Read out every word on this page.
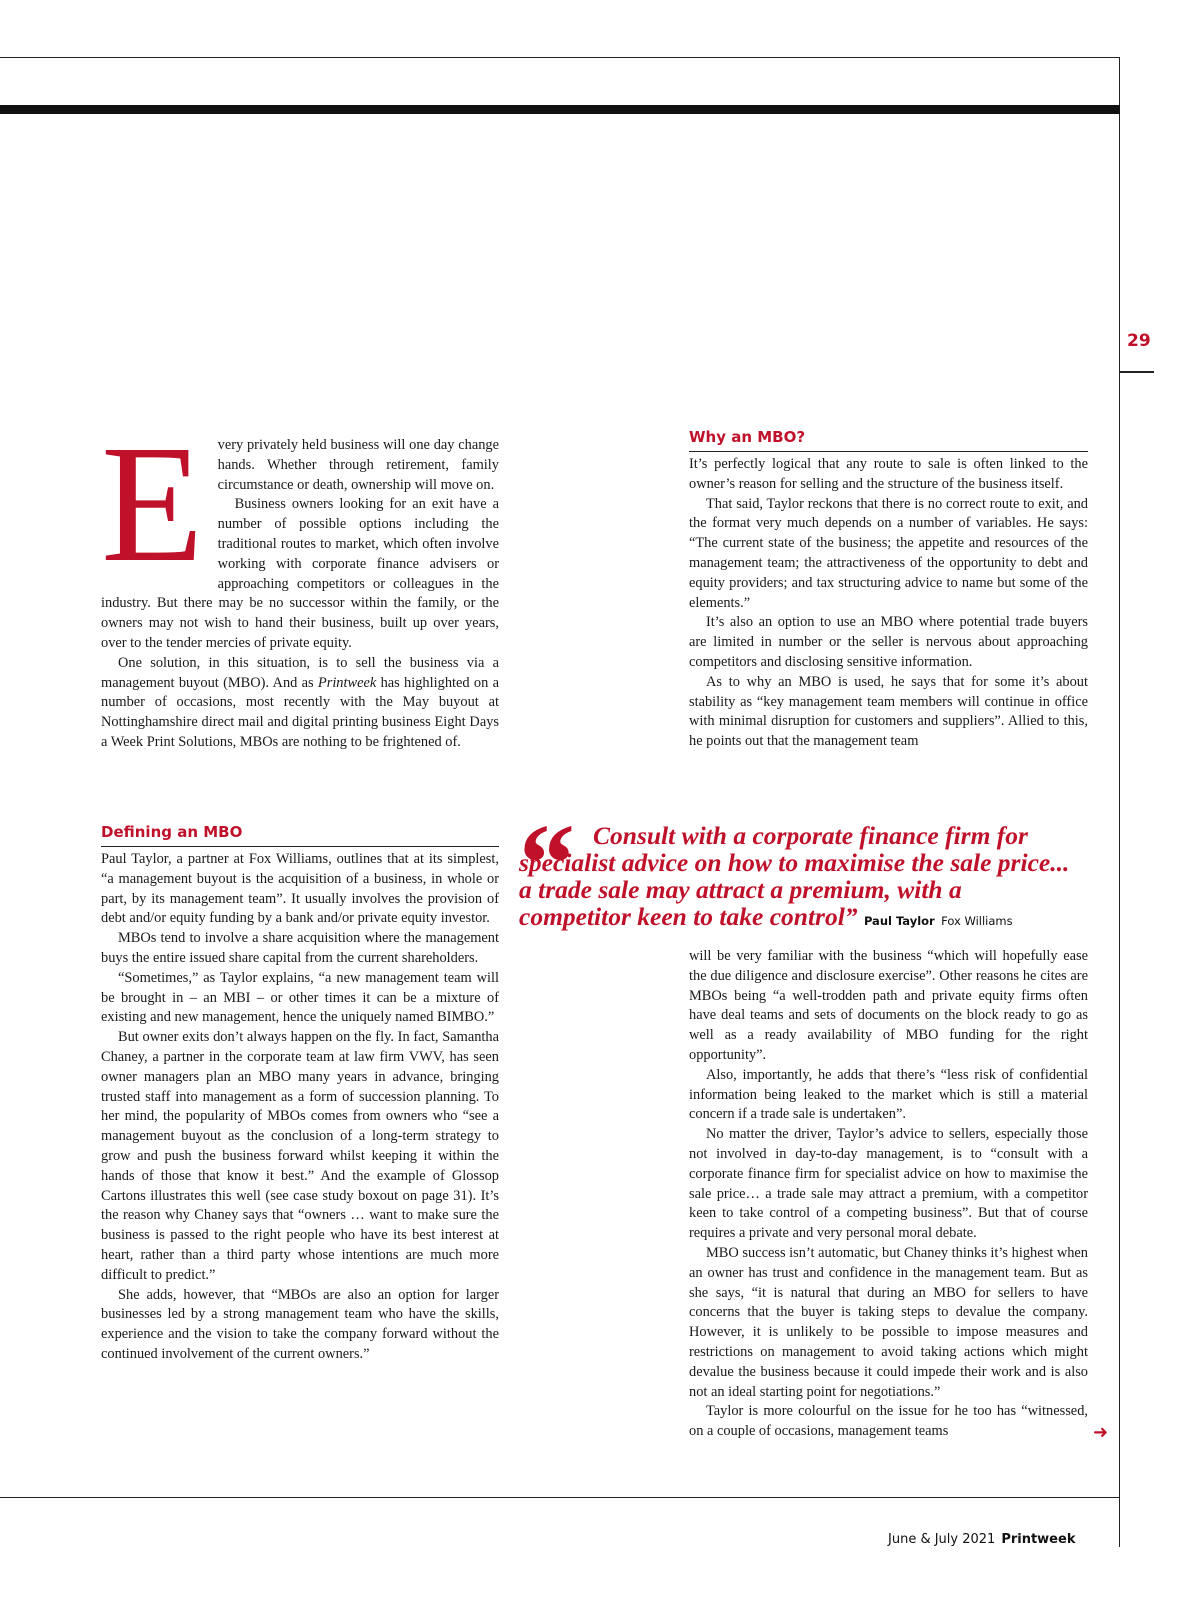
29
E very privately held business will one day change hands. Whether through retirement, family circumstance or death, ownership will move on.

Business owners looking for an exit have a number of possible options including the traditional routes to market, which often involve working with corporate finance advisers or approaching competitors or colleagues in the industry. But there may be no successor within the family, or the owners may not wish to hand their business, built up over years, over to the tender mercies of private equity.

One solution, in this situation, is to sell the business via a management buyout (MBO). And as Printweek has highlighted on a number of occasions, most recently with the May buyout at Nottinghamshire direct mail and digital printing business Eight Days a Week Print Solutions, MBOs are nothing to be frightened of.

Defining an MBO

Paul Taylor, a partner at Fox Williams, outlines that at its simplest, “a management buyout is the acquisition of a business, in whole or part, by its management team”. It usually involves the provision of debt and/or equity funding by a bank and/or private equity investor.

MBOs tend to involve a share acquisition where the management buys the entire issued share capital from the current shareholders.

“Sometimes,” as Taylor explains, “a new management team will be brought in – an MBI – or other times it can be a mixture of existing and new management, hence the uniquely named BIMBO.”

But owner exits don’t always happen on the fly. In fact, Samantha Chaney, a partner in the corporate team at law firm VWV, has seen owner managers plan an MBO many years in advance, bringing trusted staff into management as a form of succession planning. To her mind, the popularity of MBOs comes from owners who “see a management buyout as the conclusion of a long-term strategy to grow and push the business forward whilst keeping it within the hands of those that know it best.” And the example of Glossop Cartons illustrates this well (see case study boxout on page 31). It’s the reason why Chaney says that “owners … want to make sure the business is passed to the right people who have its best interest at heart, rather than a third party whose intentions are much more difficult to predict.”

She adds, however, that “MBOs are also an option for larger businesses led by a strong management team who have the skills, experience and the vision to take the company forward without the continued involvement of the current owners.”

Why an MBO?

It’s perfectly logical that any route to sale is often linked to the owner’s reason for selling and the structure of the business itself.

That said, Taylor reckons that there is no correct route to exit, and the format very much depends on a number of variables. He says: “The current state of the business; the appetite and resources of the management team; the attractiveness of the opportunity to debt and equity providers; and tax structuring advice to name but some of the elements.”

It’s also an option to use an MBO where potential trade buyers are limited in number or the seller is nervous about approaching competitors and disclosing sensitive information.

As to why an MBO is used, he says that for some it’s about stability as “key management team members will continue in office with minimal disruption for customers and suppliers”. Allied to this, he points out that the management team

“ Consult with a corporate finance firm for specialist advice on how to maximise the sale price... a trade sale may attract a premium, with a competitor keen to take control” Paul Taylor Fox Williams

will be very familiar with the business “which will hopefully ease the due diligence and disclosure exercise”. Other reasons he cites are MBOs being “a well-trodden path and private equity firms often have deal teams and sets of documents on the block ready to go as well as a ready availability of MBO funding for the right opportunity”.

Also, importantly, he adds that there’s “less risk of confidential information being leaked to the market which is still a material concern if a trade sale is undertaken”.

No matter the driver, Taylor’s advice to sellers, especially those not involved in day-to-day management, is to “consult with a corporate finance firm for specialist advice on how to maximise the sale price… a trade sale may attract a premium, with a competitor keen to take control of a competing business”. But that of course requires a private and very personal moral debate.

MBO success isn’t automatic, but Chaney thinks it’s highest when an owner has trust and confidence in the management team. But as she says, “it is natural that during an MBO for sellers to have concerns that the buyer is taking steps to devalue the company. However, it is unlikely to be possible to impose measures and restrictions on management to avoid taking actions which might devalue the business because it could impede their work and is also not an ideal starting point for negotiations.”

Taylor is more colourful on the issue for he too has “witnessed, on a couple of occasions, management teams	➜
June & July 2021 Printweek
